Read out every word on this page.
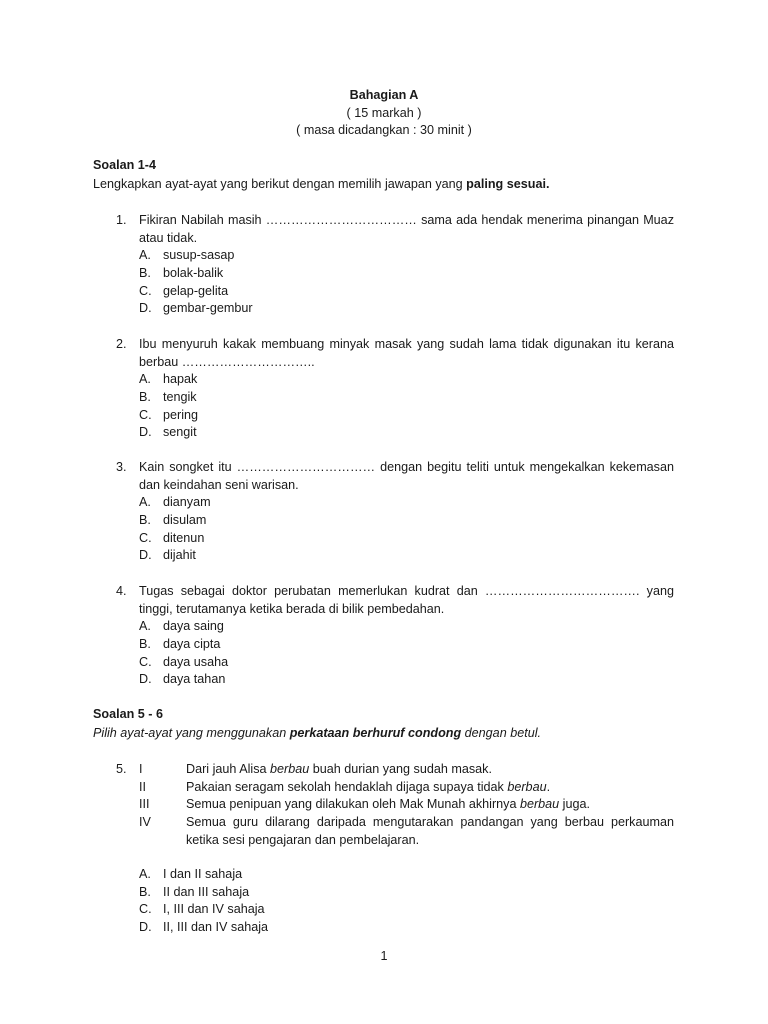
Bahagian A
( 15 markah )
( masa dicadangkan : 30 minit )
Soalan 1-4
Lengkapkan ayat-ayat yang berikut dengan memilih jawapan yang paling sesuai.
1. Fikiran Nabilah masih ……………………………… sama ada hendak menerima pinangan Muaz atau tidak.
A. susup-sasap
B. bolak-balik
C. gelap-gelita
D. gembar-gembur
2. Ibu menyuruh kakak membuang minyak masak yang sudah lama tidak digunakan itu kerana berbau …………………………..
A. hapak
B. tengik
C. pering
D. sengit
3. Kain songket itu …………………………… dengan begitu teliti untuk mengekalkan kekemasan dan keindahan seni warisan.
A. dianyam
B. disulam
C. ditenun
D. dijahit
4. Tugas sebagai doktor perubatan memerlukan kudrat dan ………………………………. yang tinggi, terutamanya ketika berada di bilik pembedahan.
A. daya saing
B. daya cipta
C. daya usaha
D. daya tahan
Soalan 5 - 6
Pilih ayat-ayat yang menggunakan perkataan berhuruf condong dengan betul.
5. I	Dari jauh Alisa berbau buah durian yang sudah masak.
II	Pakaian seragam sekolah hendaklah dijaga supaya tidak berbau.
III	Semua penipuan yang dilakukan oleh Mak Munah akhirnya berbau juga.
IV	Semua guru dilarang daripada mengutarakan pandangan yang berbau perkauman ketika sesi pengajaran dan pembelajaran.
A. I dan II sahaja
B. II dan III sahaja
C. I, III dan IV sahaja
D. II, III dan IV sahaja
1
